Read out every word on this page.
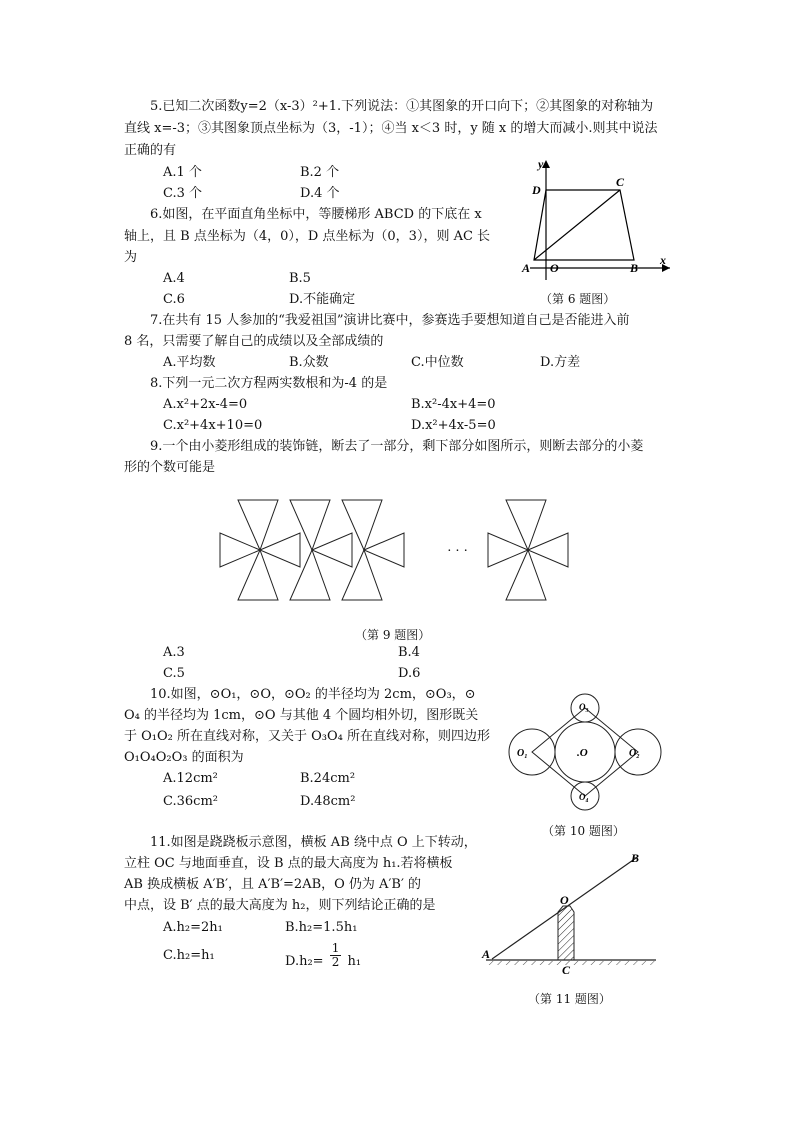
5.已知二次函数y=2（x-3）²+1.下列说法：①其图象的开口向下；②其图象的对称轴为
直线 x=-3；③其图象顶点坐标为（3，-1）；④当 x＜3 时，y 随 x 的增大而减小.则其中说法
正确的有
A.1 个	B.2 个
C.3 个	D.4 个
6.如图，在平面直角坐标中，等腰梯形 ABCD 的下底在 x
轴上，且 B 点坐标为（4，0），D 点坐标为（0，3），则 AC 长
为
A.4	B.5
C.6	D.不能确定
y
x
D
C
A O	B
（第 6 题图）
7.在共有 15 人参加的“我爱祖国”演讲比赛中，参赛选手要想知道自己是否能进入前
8 名，只需要了解自己的成绩以及全部成绩的
A.平均数	B.众数	C.中位数	D.方差
8.下列一元二次方程两实数根和为-4 的是
A.x²+2x-4=0	B.x²-4x+4=0
C.x²+4x+10=0	D.x²+4x-5=0
9.一个由小菱形组成的装饰链，断去了一部分，剩下部分如图所示，则断去部分的小菱
形的个数可能是
· · ·
（第 9 题图）
A.3	B.4
C.5	D.6
10.如图，⊙O₁，⊙O，⊙O₂ 的半径均为 2cm，⊙O₃，⊙
O₄ 的半径均为 1cm，⊙O 与其他 4 个圆均相外切，图形既关
于 O₁O₂ 所在直线对称，又关于 O₃O₄ 所在直线对称，则四边形
O₁O₄O₂O₃ 的面积为
A.12cm²	B.24cm²
C.36cm²	D.48cm²
.O
O₁	O₂
O₃
O₄
（第 10 题图）
11.如图是跷跷板示意图，横板 AB 绕中点 O 上下转动，
立柱 OC 与地面垂直，设 B 点的最大高度为 h₁.若将横板
AB 换成横板 A′B′，且 A′B′=2AB，O 仍为 A′B′ 的
中点，设 B′ 点的最大高度为 h₂，则下列结论正确的是
A.h₂=2h₁	B.h₂=1.5h₁
C.h₂=h₁	$D.h_2= \frac{1}{2} h_1$
O
B
A
C
（第 11 题图）
